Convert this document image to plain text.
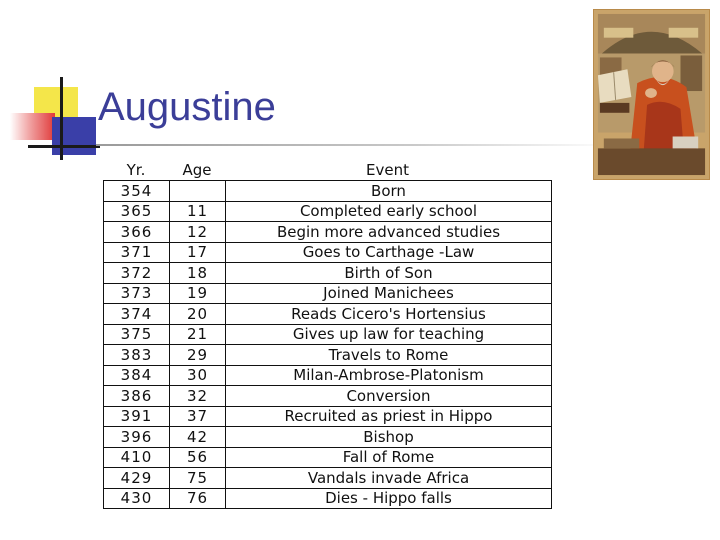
Augustine
Yr.	Age	Event
354		Born
365	11	Completed early school
366	12	Begin more advanced studies
371	17	Goes to Carthage -Law
372	18	Birth of Son
373	19	Joined Manichees
374	20	Reads Cicero's Hortensius
375	21	Gives up law for teaching
383	29	Travels to Rome
384	30	Milan-Ambrose-Platonism
386	32	Conversion
391	37	Recruited as priest in Hippo
396	42	Bishop
410	56	Fall of Rome
429	75	Vandals invade Africa
430	76	Dies - Hippo falls
